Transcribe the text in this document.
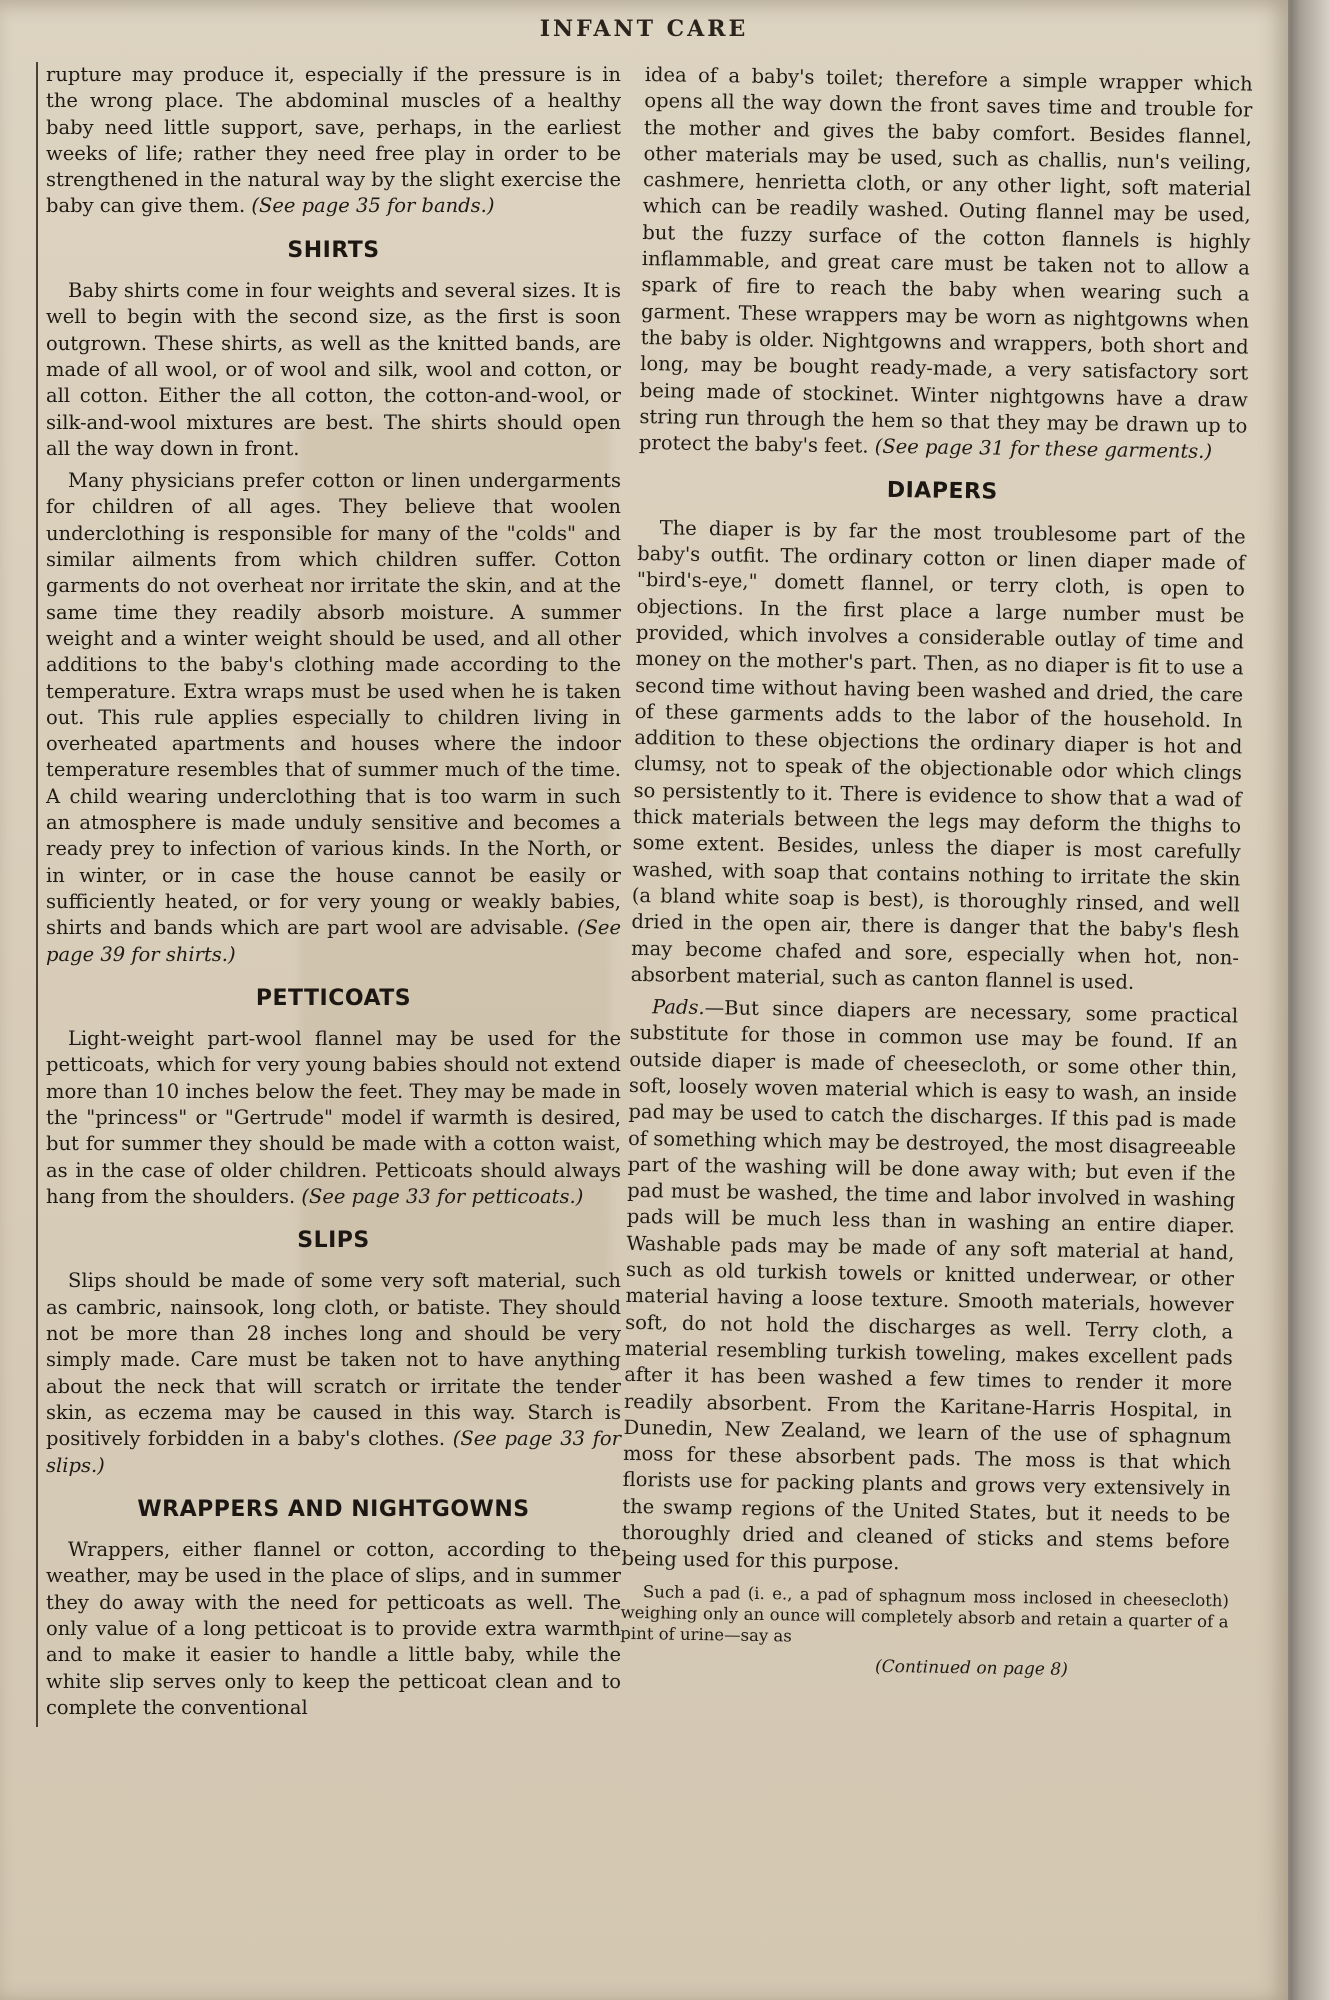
INFANT CARE

rupture may produce it, especially if the pressure is in the wrong place. The abdominal muscles of a healthy baby need little support, save, perhaps, in the earliest weeks of life; rather they need free play in order to be strengthened in the natural way by the slight exercise the baby can give them. (See page 35 for bands.)

SHIRTS

Baby shirts come in four weights and several sizes. It is well to begin with the second size, as the first is soon outgrown. These shirts, as well as the knitted bands, are made of all wool, or of wool and silk, wool and cotton, or all cotton. Either the all cotton, the cotton-and-wool, or silk-and-wool mixtures are best. The shirts should open all the way down in front.

Many physicians prefer cotton or linen undergarments for children of all ages. They believe that woolen underclothing is responsible for many of the "colds" and similar ailments from which children suffer. Cotton garments do not overheat nor irritate the skin, and at the same time they readily absorb moisture. A summer weight and a winter weight should be used, and all other additions to the baby's clothing made according to the temperature. Extra wraps must be used when he is taken out. This rule applies especially to children living in overheated apartments and houses where the indoor temperature resembles that of summer much of the time. A child wearing underclothing that is too warm in such an atmosphere is made unduly sensitive and becomes a ready prey to infection of various kinds. In the North, or in winter, or in case the house cannot be easily or sufficiently heated, or for very young or weakly babies, shirts and bands which are part wool are advisable. (See page 39 for shirts.)

PETTICOATS

Light-weight part-wool flannel may be used for the petticoats, which for very young babies should not extend more than 10 inches below the feet. They may be made in the "princess" or "Gertrude" model if warmth is desired, but for summer they should be made with a cotton waist, as in the case of older children. Petticoats should always hang from the shoulders. (See page 33 for petticoats.)

SLIPS

Slips should be made of some very soft material, such as cambric, nainsook, long cloth, or batiste. They should not be more than 28 inches long and should be very simply made. Care must be taken not to have anything about the neck that will scratch or irritate the tender skin, as eczema may be caused in this way. Starch is positively forbidden in a baby's clothes. (See page 33 for slips.)

WRAPPERS AND NIGHTGOWNS

Wrappers, either flannel or cotton, according to the weather, may be used in the place of slips, and in summer they do away with the need for petticoats as well. The only value of a long petticoat is to provide extra warmth and to make it easier to handle a little baby, while the white slip serves only to keep the petticoat clean and to complete the conventional

idea of a baby's toilet; therefore a simple wrapper which opens all the way down the front saves time and trouble for the mother and gives the baby comfort. Besides flannel, other materials may be used, such as challis, nun's veiling, cashmere, henrietta cloth, or any other light, soft material which can be readily washed. Outing flannel may be used, but the fuzzy surface of the cotton flannels is highly inflammable, and great care must be taken not to allow a spark of fire to reach the baby when wearing such a garment. These wrappers may be worn as nightgowns when the baby is older. Nightgowns and wrappers, both short and long, may be bought ready-made, a very satisfactory sort being made of stockinet. Winter nightgowns have a draw string run through the hem so that they may be drawn up to protect the baby's feet. (See page 31 for these garments.)

DIAPERS

The diaper is by far the most troublesome part of the baby's outfit. The ordinary cotton or linen diaper made of "bird's-eye," domett flannel, or terry cloth, is open to objections. In the first place a large number must be provided, which involves a considerable outlay of time and money on the mother's part. Then, as no diaper is fit to use a second time without having been washed and dried, the care of these garments adds to the labor of the household. In addition to these objections the ordinary diaper is hot and clumsy, not to speak of the objectionable odor which clings so persistently to it. There is evidence to show that a wad of thick materials between the legs may deform the thighs to some extent. Besides, unless the diaper is most carefully washed, with soap that contains nothing to irritate the skin (a bland white soap is best), is thoroughly rinsed, and well dried in the open air, there is danger that the baby's flesh may become chafed and sore, especially when hot, non-absorbent material, such as canton flannel is used.

Pads.—But since diapers are necessary, some practical substitute for those in common use may be found. If an outside diaper is made of cheesecloth, or some other thin, soft, loosely woven material which is easy to wash, an inside pad may be used to catch the discharges. If this pad is made of something which may be destroyed, the most disagreeable part of the washing will be done away with; but even if the pad must be washed, the time and labor involved in washing pads will be much less than in washing an entire diaper. Washable pads may be made of any soft material at hand, such as old turkish towels or knitted underwear, or other material having a loose texture. Smooth materials, however soft, do not hold the discharges as well. Terry cloth, a material resembling turkish toweling, makes excellent pads after it has been washed a few times to render it more readily absorbent. From the Karitane-Harris Hospital, in Dunedin, New Zealand, we learn of the use of sphagnum moss for these absorbent pads. The moss is that which florists use for packing plants and grows very extensively in the swamp regions of the United States, but it needs to be thoroughly dried and cleaned of sticks and stems before being used for this purpose.

Such a pad (i. e., a pad of sphagnum moss inclosed in cheesecloth) weighing only an ounce will completely absorb and retain a quarter of a pint of urine—say as

(Continued on page 8)
